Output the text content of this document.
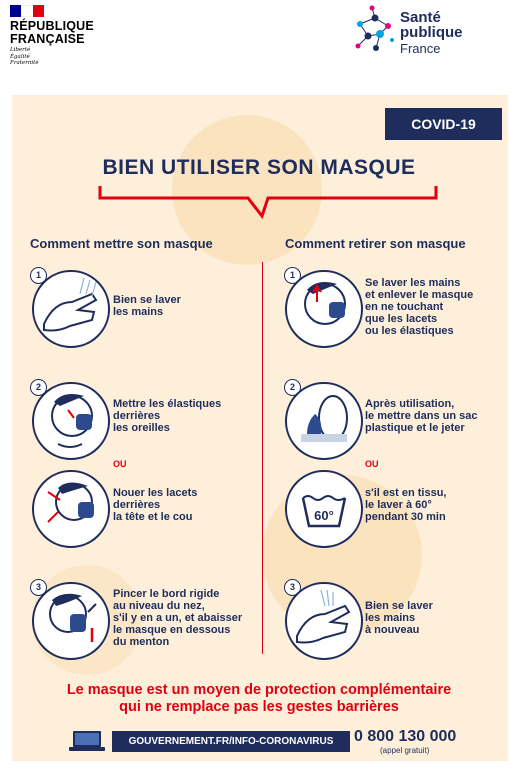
RÉPUBLIQUE
FRANÇAISE
Liberté
Égalité
Fraternité
Santé
publique
France
COVID-19
BIEN UTILISER SON MASQUE
Comment mettre son masque	Comment retirer son masque
1
Bien se laver
les mains
2
Mettre les élastiques
derrières
les oreilles
OU
Nouer les lacets
derrières
la tête et le cou
3
Pincer le bord rigide
au niveau du nez,
s'il y en a un, et abaisser
le masque en dessous
du menton
1
Se laver les mains
et enlever le masque
en ne touchant
que les lacets
ou les élastiques
2
Après utilisation,
le mettre dans un sac
plastique et le jeter
OU
60°
s'il est en tissu,
le laver à 60°
pendant 30 min
3
Bien se laver
les mains
à nouveau
Le masque est un moyen de protection complémentaire
qui ne remplace pas les gestes barrières
GOUVERNEMENT.FR/INFO-CORONAVIRUS	0 800 130 000
(appel gratuit)
